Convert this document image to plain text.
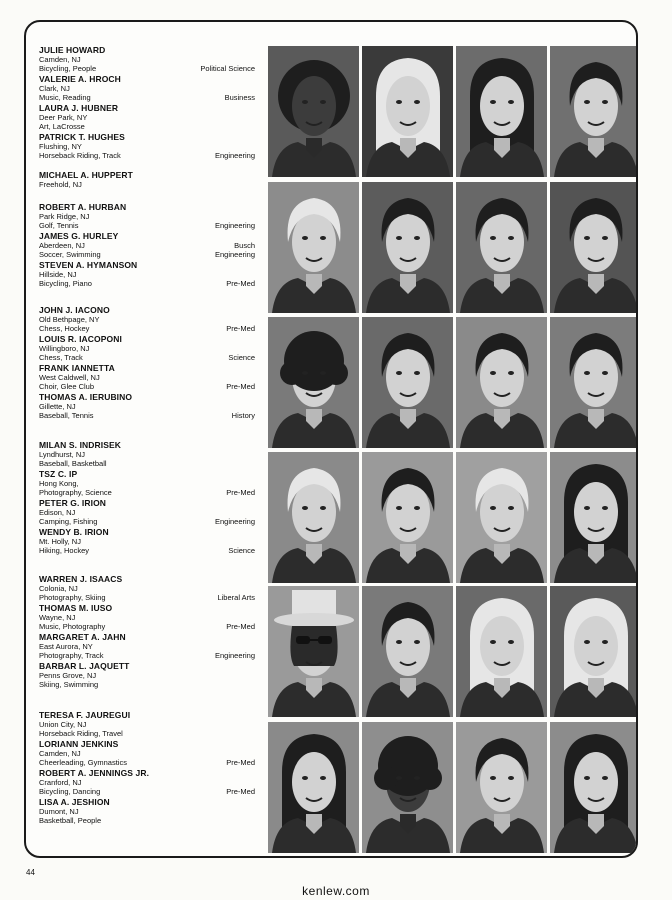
JULIE HOWARD
Camden, NJ
Bicycling, People	Political Science
VALERIE A. HROCH
Clark, NJ
Music, Reading	Business
LAURA J. HUBNER
Deer Park, NY
Art, LaCrosse
PATRICK T. HUGHES
Flushing, NY
Horseback Riding, Track	Engineering
MICHAEL A. HUPPERT
Freehold, NJ
ROBERT A. HURBAN
Park Ridge, NJ
Golf, Tennis	Engineering
JAMES G. HURLEY
Aberdeen, NJ	Busch
Soccer, Swimming	Engineering
STEVEN A. HYMANSON
Hillside, NJ
Bicycling, Piano	Pre-Med
JOHN J. IACONO
Old Bethpage, NY
Chess, Hockey	Pre-Med
LOUIS R. IACOPONI
Willingboro, NJ
Chess, Track	Science
FRANK IANNETTA
West Caldwell, NJ
Choir, Glee Club	Pre-Med
THOMAS A. IERUBINO
Gillette, NJ
Baseball, Tennis	History
MILAN S. INDRISEK
Lyndhurst, NJ
Baseball, Basketball
TSZ C. IP
Hong Kong,
Photography, Science	Pre-Med
PETER G. IRION
Edison, NJ
Camping, Fishing	Engineering
WENDY B. IRION
Mt. Holly, NJ
Hiking, Hockey	Science
WARREN J. ISAACS
Colonia, NJ
Photography, Skiing	Liberal Arts
THOMAS M. IUSO
Wayne, NJ
Music, Photography	Pre-Med
MARGARET A. JAHN
East Aurora, NY
Photography, Track	Engineering
BARBAR L. JAQUETT
Penns Grove, NJ
Skiing, Swimming
TERESA F. JAUREGUI
Union City, NJ
Horseback Riding, Travel
LORIANN JENKINS
Camden, NJ
Cheerleading, Gymnastics	Pre-Med
ROBERT A. JENNINGS JR.
Cranford, NJ
Bicycling, Dancing	Pre-Med
LISA A. JESHION
Dumont, NJ
Basketball, People
44
kenlew.com
